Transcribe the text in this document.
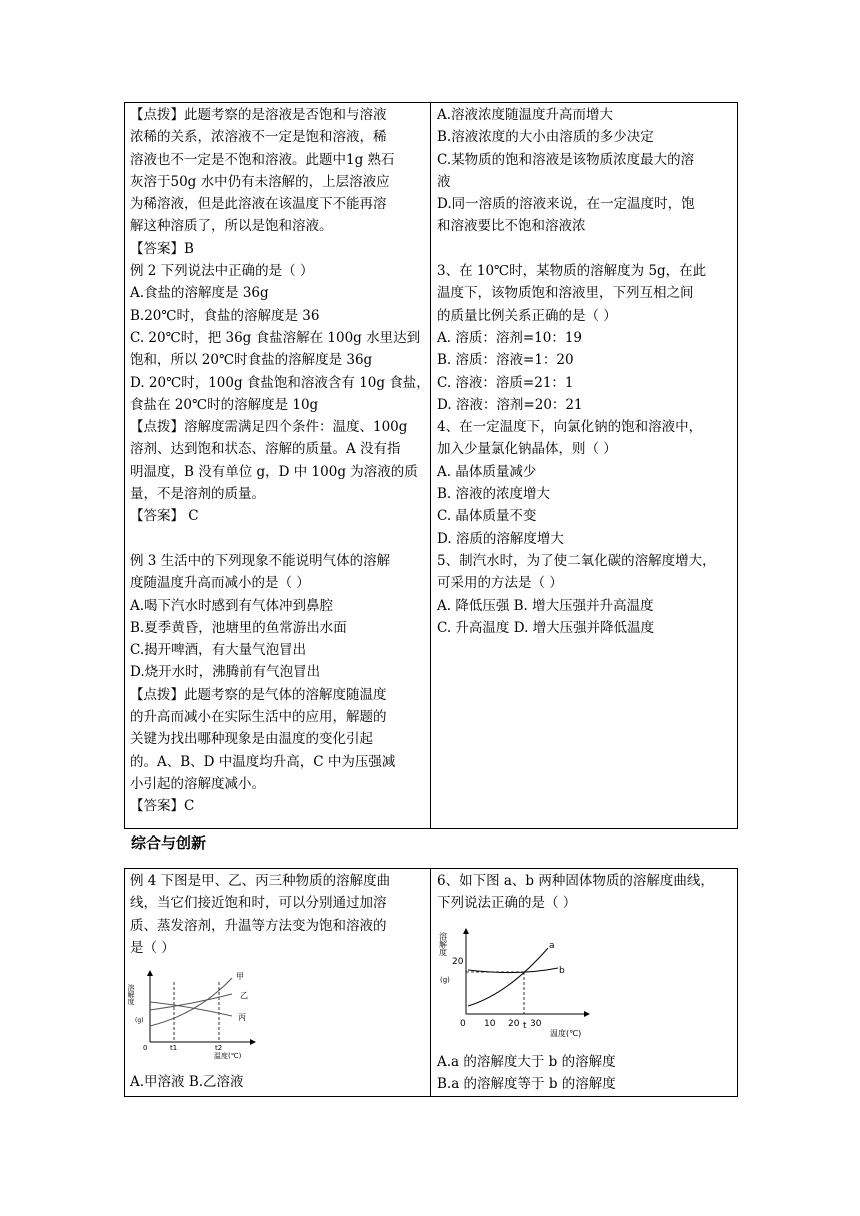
【点拨】此题考察的是溶液是否饱和与溶液
浓稀的关系，浓溶液不一定是饱和溶液，稀
溶液也不一定是不饱和溶液。此题中1g 熟石
灰溶于50g 水中仍有未溶解的，上层溶液应
为稀溶液，但是此溶液在该温度下不能再溶
解这种溶质了，所以是饱和溶液。
【答案】B
例 2 下列说法中正确的是（ ）
A.食盐的溶解度是 36g
B.20℃时，食盐的溶解度是 36
C. 20℃时，把 36g 食盐溶解在 100g 水里达到
饱和，所以 20℃时食盐的溶解度是 36g
D. 20℃时，100g 食盐饱和溶液含有 10g 食盐，
食盐在 20℃时的溶解度是 10g
【点拨】溶解度需满足四个条件：温度、100g
溶剂、达到饱和状态、溶解的质量。A 没有指
明温度，B 没有单位 g，D 中 100g 为溶液的质
量，不是溶剂的质量。
【答案】 C
例 3 生活中的下列现象不能说明气体的溶解
度随温度升高而减小的是（ ）
A.喝下汽水时感到有气体冲到鼻腔
B.夏季黄昏，池塘里的鱼常游出水面
C.揭开啤酒，有大量气泡冒出
D.烧开水时，沸腾前有气泡冒出
【点拨】此题考察的是气体的溶解度随温度
的升高而减小在实际生活中的应用，解题的
关键为找出哪种现象是由温度的变化引起
的。A、B、D 中温度均升高，C 中为压强减
小引起的溶解度减小。
【答案】C
A.溶液浓度随温度升高而增大
B.溶液浓度的大小由溶质的多少决定
C.某物质的饱和溶液是该物质浓度最大的溶
液
D.同一溶质的溶液来说，在一定温度时，饱
和溶液要比不饱和溶液浓
3、在 10℃时，某物质的溶解度为 5g，在此
温度下，该物质饱和溶液里，下列互相之间
的质量比例关系正确的是（ ）
A. 溶质：溶剂=10：19
B. 溶质：溶液=1：20
C. 溶液：溶质=21：1
D. 溶液：溶剂=20：21
4、在一定温度下，向氯化钠的饱和溶液中，
加入少量氯化钠晶体，则（ ）
A. 晶体质量减少
B. 溶液的浓度增大
C. 晶体质量不变
D. 溶质的溶解度增大
5、制汽水时，为了使二氧化碳的溶解度增大，
可采用的方法是（ ）
A. 降低压强 B. 增大压强并升高温度
C. 升高温度 D. 增大压强并降低温度
综合与创新
例 4 下图是甲、乙、丙三种物质的溶解度曲
线，当它们接近饱和时，可以分别通过加溶
质、蒸发溶剂，升温等方法变为饱和溶液的
是（ ）
A.甲溶液 B.乙溶液
6、如下图 a、b 两种固体物质的溶解度曲线，
下列说法正确的是（ ）
A.a 的溶解度大于 b 的溶解度
B.a 的溶解度等于 b 的溶解度
甲
乙
丙
溶解度
(g)
0	t1	t2
温度(℃)
a
b
溶解度
(g)
20
0 10 20 t 30
温度(℃)
